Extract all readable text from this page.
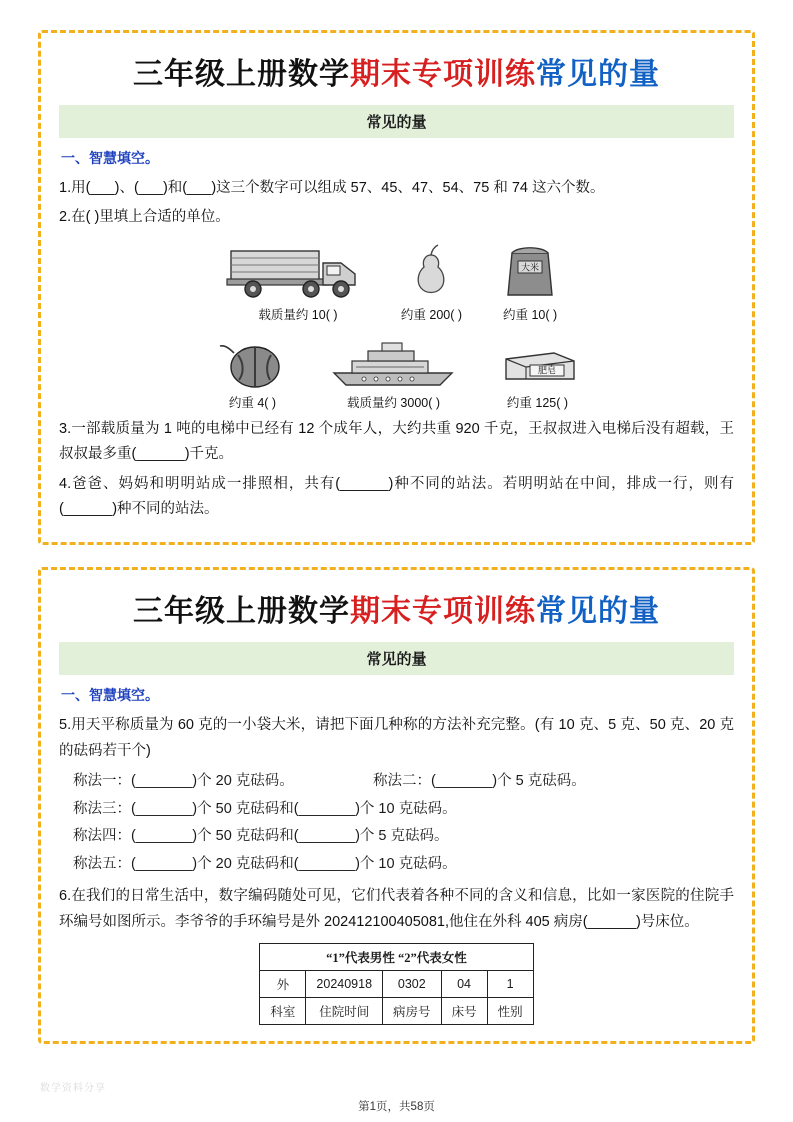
三年级上册数学期末专项训练常见的量
常见的量
一、智慧填空。

1.用(___)、(___)和(___)这三个数字可以组成 57、45、47、54、75 和 74 这六个数。

2.在( )里填上合适的单位。

载质量约 10( )	约重 200( )
大米
约重 10( )
约重 4( )	载质量约 3000( )
肥皂
约重 125( )

3.一部载质量为 1 吨的电梯中已经有 12 个成年人，大约共重 920 千克，王叔叔进入电梯后没有超载，王叔叔最多重(______)千克。

4.爸爸、妈妈和明明站成一排照相，共有(______)种不同的站法。若明明站在中间，排成一行，则有(______)种不同的站法。

三年级上册数学期末专项训练常见的量
常见的量
一、智慧填空。

5.用天平称质量为 60 克的一小袋大米，请把下面几种称的方法补充完整。(有 10 克、5 克、50 克、20 克的砝码若干个)

称法一：(_______)个 20 克砝码。	称法二：(_______)个 5 克砝码。
称法三：(_______)个 50 克砝码和(_______)个 10 克砝码。
称法四：(_______)个 50 克砝码和(_______)个 5 克砝码。
称法五：(_______)个 20 克砝码和(_______)个 10 克砝码。

6.在我们的日常生活中，数字编码随处可见，它们代表着各种不同的含义和信息，比如一家医院的住院手环编号如图所示。李爷爷的手环编号是外 202412100405081,他住在外科 405 病房(______)号床位。

“1”代表男性 “2”代表女性				
外	20240918	0302	04	1
科室	住院时间	病房号	床号	性别
数学资料分享
第1页，共58页
